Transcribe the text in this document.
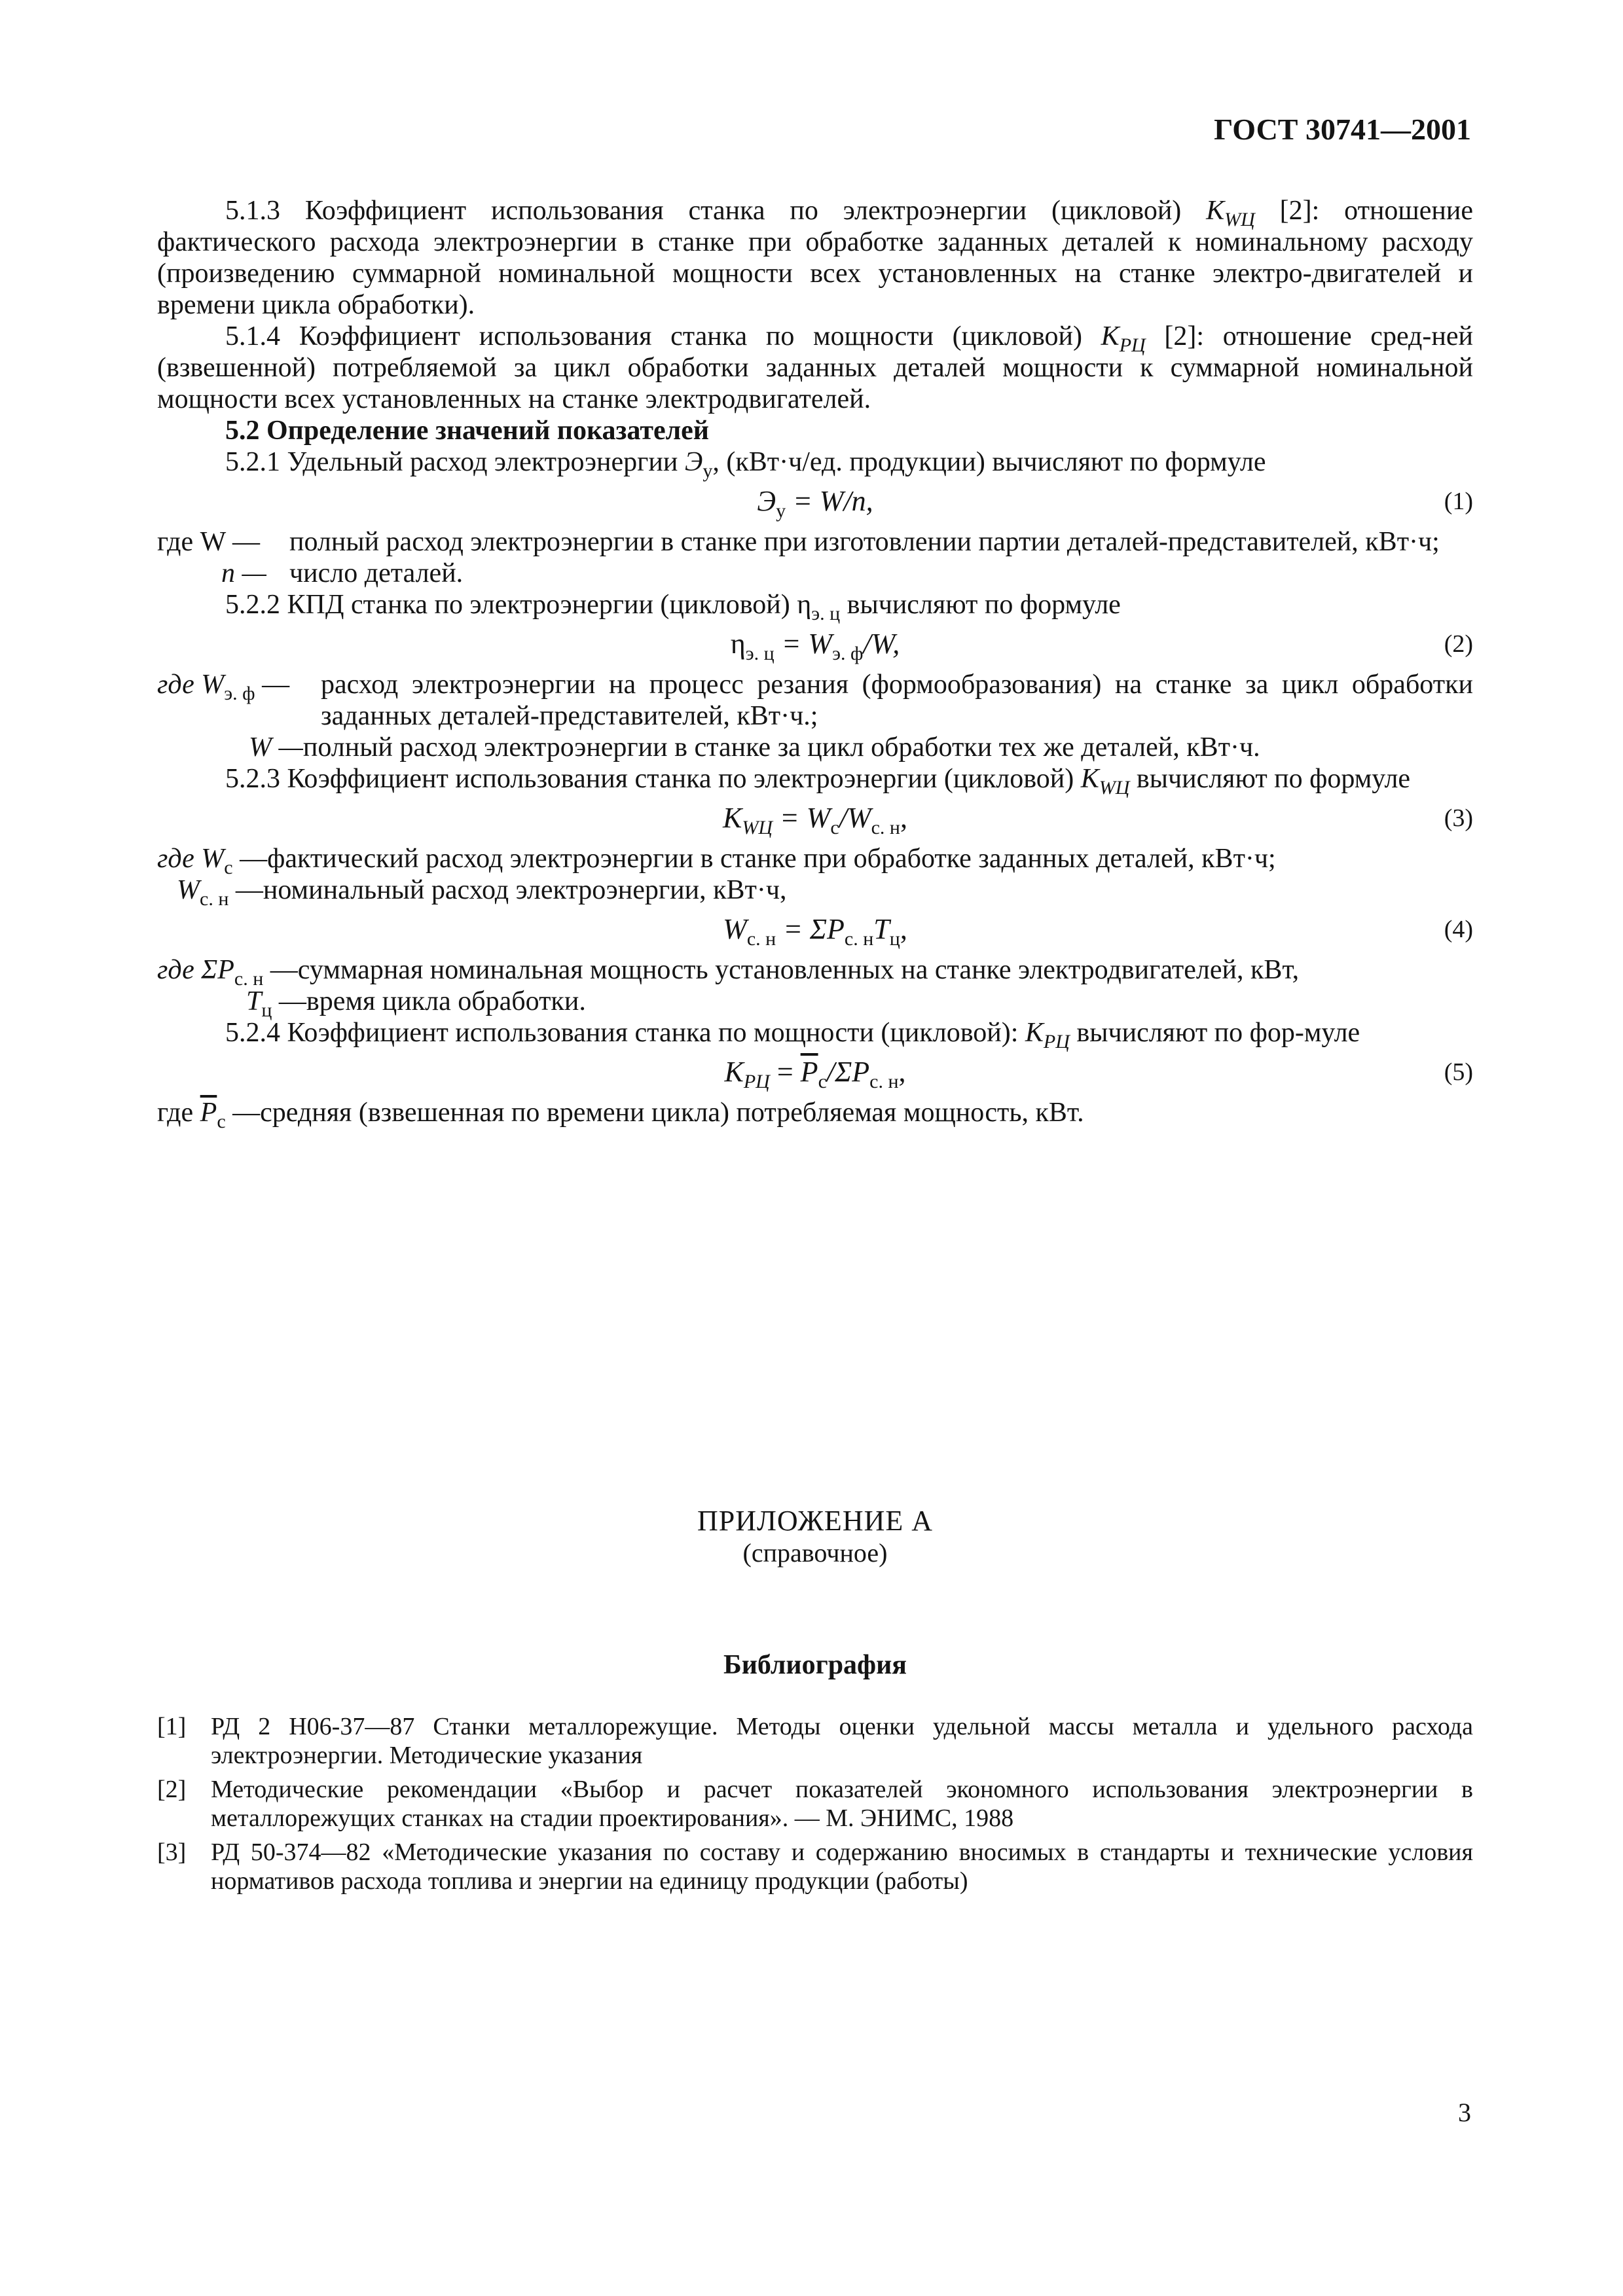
ГОСТ 30741—2001

5.1.3 Коэффициент использования станка по электроэнергии (цикловой) $K_{WЦ}$ [2]: отношение фактического расхода электроэнергии в станке при обработке заданных деталей к номинальному расходу (произведению суммарной номинальной мощности всех установленных на станке электро-двигателей и времени цикла обработки).

5.1.4 Коэффициент использования станка по мощности (цикловой) $K_{PЦ}$ [2]: отношение сред-ней (взвешенной) потребляемой за цикл обработки заданных деталей мощности к суммарной номинальной мощности всех установленных на станке электродвигателей.

5.2 Определение значений показателей

5.2.1 Удельный расход электроэнергии $Э_у$, (кВт·ч/ед. продукции) вычисляют по формуле

$Э_у = W/n$,	(1)
где W —	полный расход электроэнергии в станке при изготовлении партии деталей-представителей, кВт·ч;
n — число деталей.

5.2.2 КПД станка по электроэнергии (цикловой) $\eta_{э. ц}$ вычисляют по формуле

$\eta_{э. ц} = W_{э. ф}/W$,	(2)
где $W_{э. ф}$ —	расход электроэнергии на процесс резания (формообразования) на станке за цикл обработки заданных деталей-представителей, кВт·ч.;
W — полный расход электроэнергии в станке за цикл обработки тех же деталей, кВт·ч.

5.2.3 Коэффициент использования станка по электроэнергии (цикловой) $K_{WЦ}$ вычисляют по формуле

$K_{WЦ} = W_с/W_{с. н}$,	(3)
где $W_с$ — фактический расход электроэнергии в станке при обработке заданных деталей, кВт·ч;
$W_{с. н}$ — номинальный расход электроэнергии, кВт·ч,
$W_{с. н} = \Sigma P_{с. н}T_ц$,	(4)
где $\Sigma P_{с. н}$ — суммарная номинальная мощность установленных на станке электродвигателей, кВт,
$T_ц$ — время цикла обработки.

5.2.4 Коэффициент использования станка по мощности (цикловой): $K_{PЦ}$ вычисляют по фор-муле

$K_{PЦ} = \overline{P}_с/\Sigma P_{с. н}$,	(5)
где $\overline{P}_с$ — средняя (взвешенная по времени цикла) потребляемая мощность, кВт.
ПРИЛОЖЕНИЕ А
(справочное)
Библиография
[1] РД 2 Н06-37—87 Станки металлорежущие. Методы оценки удельной массы металла и удельного расхода электроэнергии. Методические указания
[2] Методические рекомендации «Выбор и расчет показателей экономного использования электроэнергии в металлорежущих станках на стадии проектирования». — М. ЭНИМС, 1988
[3] РД 50-374—82 «Методические указания по составу и содержанию вносимых в стандарты и технические условия нормативов расхода топлива и энергии на единицу продукции (работы)
3
